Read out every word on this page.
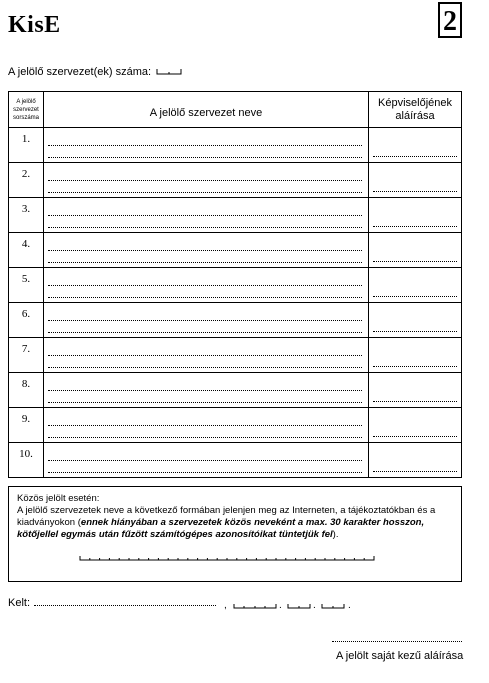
KisE	2
A jelölő szervezet(ek) száma:
A jelölő szervezet sorszáma	A jelölő szervezet neve	Képviselőjének aláírása

1.		

2.		

3.		

4.		

5.		

6.		

7.		

8.		

9.		

10.		

Közös jelölt esetén:

A jelölő szervezetek neve a következő formában jelenjen meg az Interneten, a tájékoztatókban és a kiadványokon (ennek hiányában a szervezetek közös neveként a max. 30 karakter hosszon, kötőjellel egymás után fűzött számítógépes azonosítóikat tüntetjük fel).

Kelt:	,	.	.	.
A jelölt saját kezű aláírása
